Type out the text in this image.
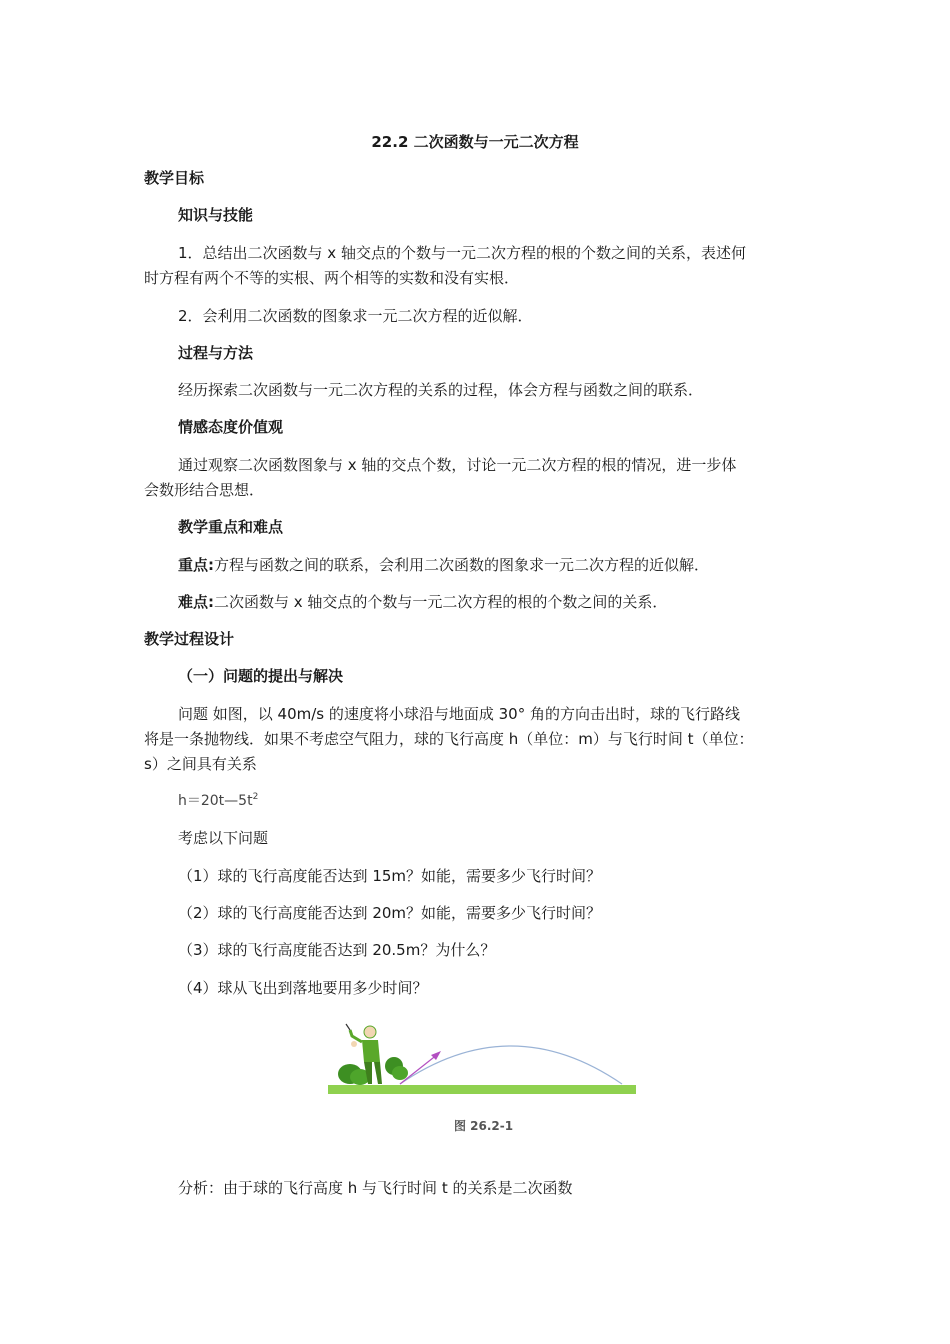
22.2 二次函数与一元二次方程
教学目标
知识与技能
1．总结出二次函数与 x 轴交点的个数与一元二次方程的根的个数之间的关系，表述何
时方程有两个不等的实根、两个相等的实数和没有实根．
2．会利用二次函数的图象求一元二次方程的近似解．
过程与方法
经历探索二次函数与一元二次方程的关系的过程，体会方程与函数之间的联系．
情感态度价值观
通过观察二次函数图象与 x 轴的交点个数，讨论一元二次方程的根的情况，进一步体
会数形结合思想．
教学重点和难点
重点:方程与函数之间的联系，会利用二次函数的图象求一元二次方程的近似解．
难点:二次函数与 x 轴交点的个数与一元二次方程的根的个数之间的关系．
教学过程设计
（一）问题的提出与解决
问题 如图，以 40m/s 的速度将小球沿与地面成 30° 角的方向击出时，球的飞行路线
将是一条抛物线．如果不考虑空气阻力，球的飞行高度 h（单位：m）与飞行时间 t（单位：
s）之间具有关系
$h=20t—5t^2$
考虑以下问题
（1）球的飞行高度能否达到 15m？如能，需要多少飞行时间？
（2）球的飞行高度能否达到 20m？如能，需要多少飞行时间？
（3）球的飞行高度能否达到 20.5m？为什么？
（4）球从飞出到落地要用多少时间？
图 26.2-1
分析：由于球的飞行高度 h 与飞行时间 t 的关系是二次函数
